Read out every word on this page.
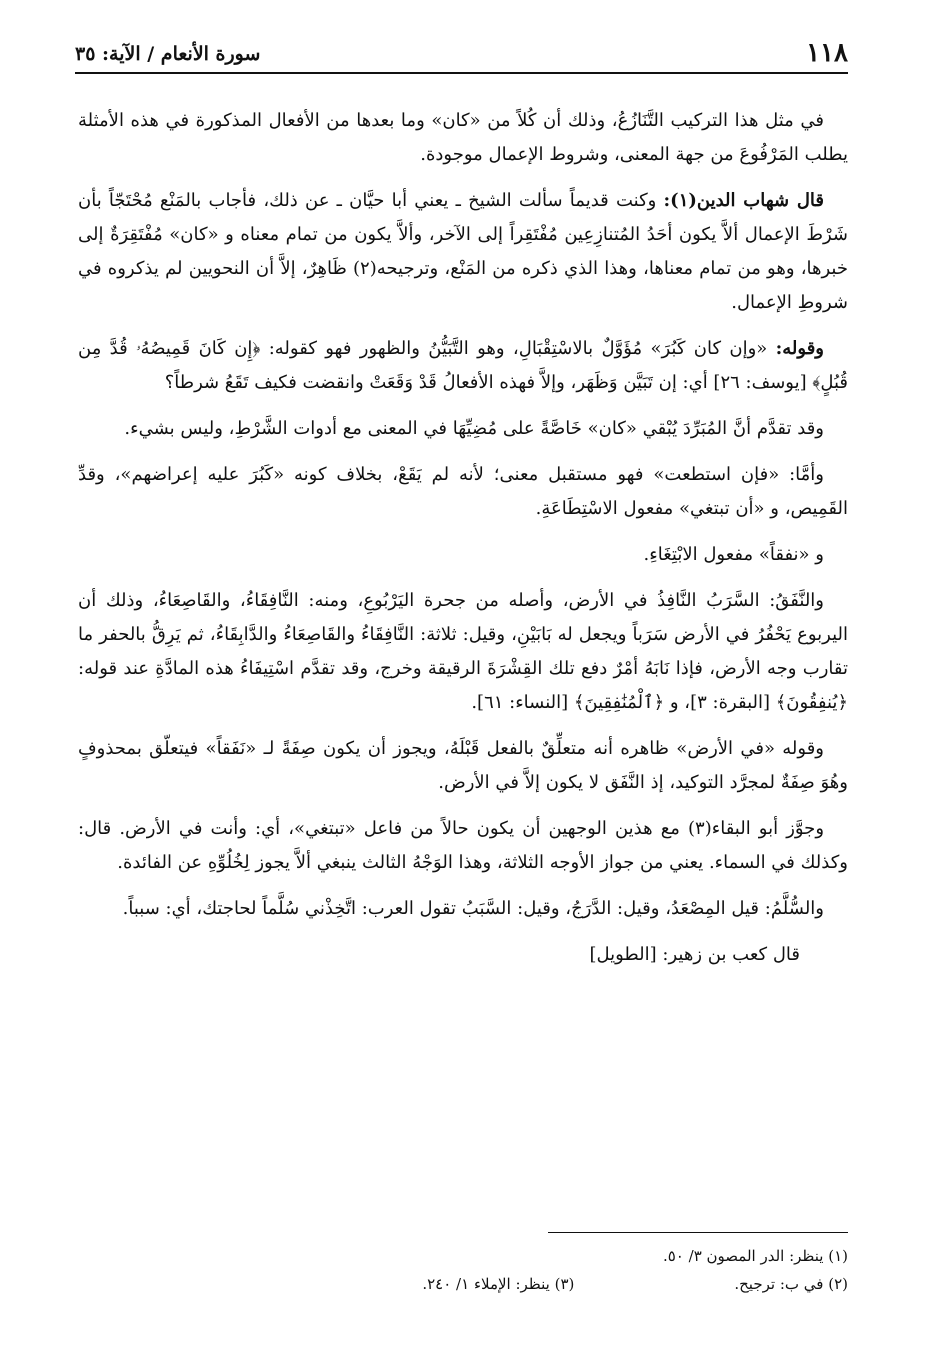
١١٨
سورة الأنعام / الآية: ٣٥

في مثل هذا التركيب التَّنَازُعُ، وذلك أن كُلاً من «كان» وما بعدها من الأفعال المذكورة في هذه الأمثلة يطلب المَرْفُوعَ من جهة المعنى، وشروط الإعمال موجودة.

قال شهاب الدين(١): وكنت قديماً سألت الشيخ ـ يعني أبا حيَّان ـ عن ذلك، فأجاب بالمَنْع مُحْتَجّاً بأن شَرْطَ الإعمال ألاَّ يكون أحَدُ المُتنازِعِين مُفْتَقِراً إلى الآخر، وألاَّ يكون من تمام معناه و «كان» مُفْتَقِرَةٌ إلى خبرها، وهو من تمام معناها، وهذا الذي ذكره من المَنْع، وترجيحه(٢) ظَاهِرٌ، إلاَّ أن النحويين لم يذكروه في شروطِ الإعمال.

وقوله: «وإن كان كَبُرَ» مُؤَوَّلٌ بالاسْتِقْبَالِ، وهو التَّبَيُّنُ والظهور فهو كقوله: ﴿إِن كَانَ قَمِيصُهُۥ قُدَّ مِن قُبُلٍ﴾ [يوسف: ٢٦] أي: إن تَبَيَّن وَظَهَر، وإلاَّ فهذه الأفعالُ قَدْ وَقَعَتْ وانقضت فكيف تَقَعُ شرطاً؟

وقد تقدَّم أنَّ المُبَرِّدَ يُبْقي «كان» خَاصَّةً على مُضِيِّهَا في المعنى مع أدوات الشَّرْطِ، وليس بشيء.

وأمَّا: «فإن استطعت» فهو مستقبل معنى؛ لأنه لم يَقَعْ، بخلاف كونه «كَبُرَ عليه إعراضهم»، وقدِّ القَمِيص، و «أن تبتغي» مفعول الاسْتِطَاعَةِ.

و «نفقاً» مفعول الابْتِغَاءِ.

والنَّفَقُ: السَّرَبُ النَّافِذُ في الأرض، وأصله من جحرة اليَرْبُوعِ، ومنه: النَّافِقَاءُ، والقَاصِعَاءُ، وذلك أن اليربوع يَحْفُرُ في الأرض سَرَباً ويجعل له بَابَيْنِ، وقيل: ثلاثة: النَّافِقَاءُ والقَاصِعَاءُ والدَّابِقَاءُ، ثم يَرِقُّ بالحفر ما تقارب وجه الأرض، فإذا نَابَهُ أمْرٌ دفع تلك القِشْرَةَ الرقيقة وخرج، وقد تقدَّم اسْتِيفَاءُ هذه المادَّةِ عند قوله: ﴿يُنفِقُونَ﴾ [البقرة: ٣]، و ﴿ٱلْمُنَٰفِقِينَ﴾ [النساء: ٦١].

وقوله «في الأرض» ظاهره أنه متعلِّقٌ بالفعل قَبْلَهُ، ويجوز أن يكون صِفَةً لـ «نَفَقاً» فيتعلّق بمحذوفٍ وهُوَ صِفَةٌ لمجرَّد التوكيد، إذ النَّفَق لا يكون إلاَّ في الأرض.

وجوَّز أبو البقاء(٣) مع هذين الوجهين أن يكون حالاً من فاعل «تبتغي»، أي: وأنت في الأرض. قال: وكذلك في السماء. يعني من جواز الأوجه الثلاثة، وهذا الوَجْهُ الثالث ينبغي ألاَّ يجوز لِخُلُوِّهِ عن الفائدة.

والسُّلَّمُ: قيل المِصْعَدُ، وقيل: الدَّرَجُ، وقيل: السَّبَبُ تقول العرب: اتَّخِذْني سُلَّماً لحاجتك، أي: سبباً.

قال كعب بن زهير: [الطويل]

(١) ينظر: الدر المصون ٣/ ٥٠.
(٢) في ب: ترجيح.
(٣) ينظر: الإملاء ١/ ٢٤٠.
